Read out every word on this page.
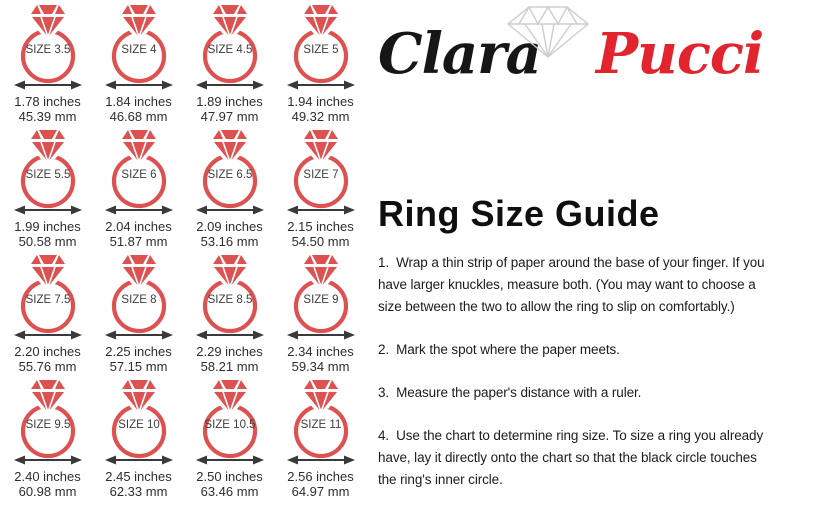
SIZE 3.5
1.78 inches
45.39 mm
SIZE 4
1.84 inches
46.68 mm
SIZE 4.5
1.89 inches
47.97 mm
SIZE 5
1.94 inches
49.32 mm
SIZE 5.5
1.99 inches
50.58 mm
SIZE 6
2.04 inches
51.87 mm
SIZE 6.5
2.09 inches
53.16 mm
SIZE 7
2.15 inches
54.50 mm
SIZE 7.5
2.20 inches
55.76 mm
SIZE 8
2.25 inches
57.15 mm
SIZE 8.5
2.29 inches
58.21 mm
SIZE 9
2.34 inches
59.34 mm
SIZE 9.5
2.40 inches
60.98 mm
SIZE 10
2.45 inches
62.33 mm
SIZE 10.5
2.50 inches
63.46 mm
SIZE 11
2.56 inches
64.97 mm
Clara Pucci
Ring Size Guide

1. Wrap a thin strip of paper around the base of your finger. If you
have larger knuckles, measure both. (You may want to choose a
size between the two to allow the ring to slip on comfortably.)

2. Mark the spot where the paper meets.

3. Measure the paper's distance with a ruler.

4. Use the chart to determine ring size. To size a ring you already
have, lay it directly onto the chart so that the black circle touches
the ring's inner circle.
